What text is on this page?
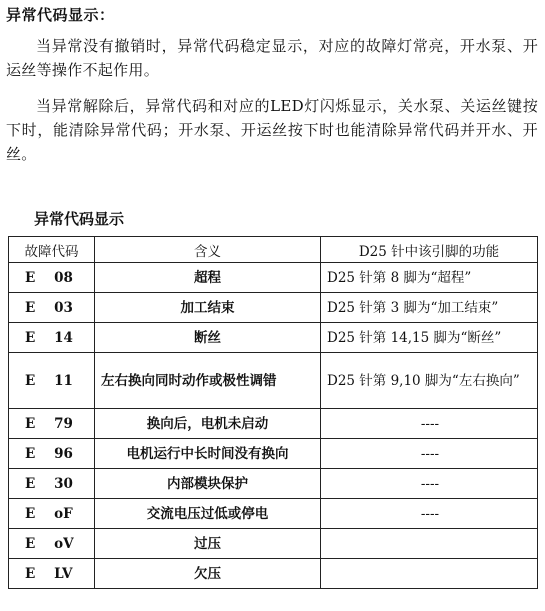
异常代码显示：

当异常没有撤销时，异常代码稳定显示，对应的故障灯常亮，开水泵、开运丝等操作不起作用。

当异常解除后，异常代码和对应的LED灯闪烁显示，关水泵、关运丝键按下时，能清除异常代码；开水泵、开运丝按下时也能清除异常代码并开水、开丝。

异常代码显示
故障代码	含义	D25 针中该引脚的功能
E    08	超程	D25 针第 8 脚为“超程”
E    03	加工结束	D25 针第 3 脚为“加工结束”
E    14	断丝	D25 针第 14,15 脚为“断丝”
E    11	左右换向同时动作或极性调错	D25 针第 9,10 脚为“左右换向”
E    79	换向后，电机未启动	----
E    96	电机运行中长时间没有换向	----
E    30	内部模块保护	----
E    oF	交流电压过低或停电	----
E    oV	过压	
E    LV	欠压	
